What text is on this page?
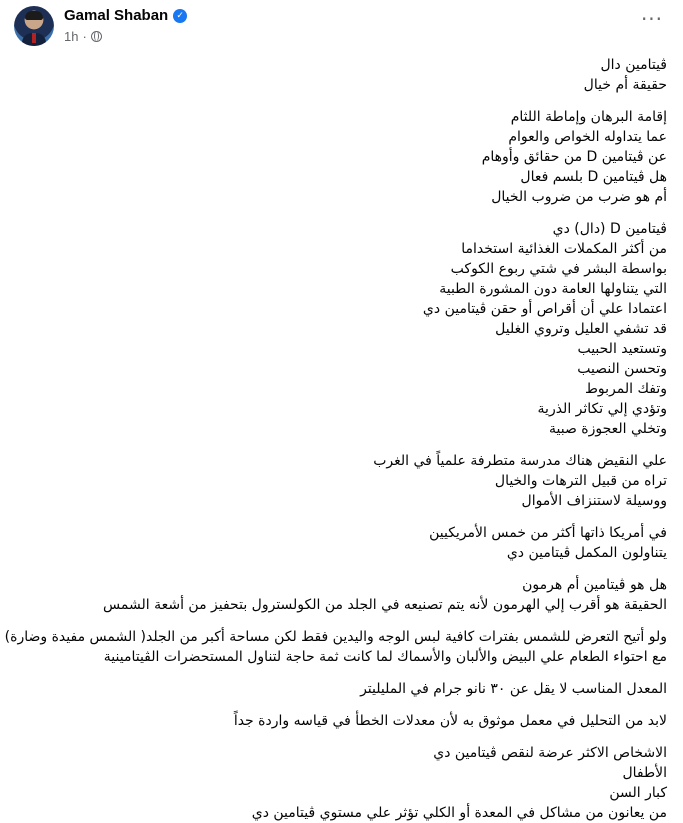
Gamal Shaban ✓
1h ·
···
ڤيتامين دال
حقيقة أم خيال
إقامة البرهان وإماطة اللثام
عما يتداوله الخواص والعوام
عن ڤيتامين D من حقائق وأوهام
هل ڤيتامين D بلسم فعال
أم هو ضرب من ضروب الخيال
ڤيتامين D (دال) دي
من أكثر المكملات الغذائية استخداما
بواسطة البشر في شتي ربوع الكوكب
التي يتناولها العامة دون المشورة الطبية
اعتمادا علي أن أقراص أو حقن ڤيتامين دي
قد تشفي العليل وتروي الغليل
وتستعيد الحبيب
وتحسن النصيب
وتفك المربوط
وتؤدي إلي تكاثر الذرية
وتخلي العجوزة صبية
علي النقيض هناك مدرسة متطرفة علمياً في الغرب
تراه من قبيل الترهات والخيال
ووسيلة لاستنزاف الأموال
في أمريكا ذاتها أكثر من خمس الأمريكيين
يتناولون المكمل ڤيتامين دي
هل هو ڤيتامين أم هرمون
الحقيقة هو أقرب إلي الهرمون لأنه يتم تصنيعه في الجلد من الكولسترول بتحفيز من أشعة الشمس
ولو أتيح التعرض للشمس بفترات كافية لبس الوجه واليدين فقط لكن مساحة أكبر من الجلد( الشمس مفيدة وضارة)
مع احتواء الطعام علي البيض والألبان والأسماك لما كانت ثمة حاجة لتناول المستحضرات الڤيتامينية
المعدل المناسب لا يقل عن ٣٠ نانو جرام في المليليتر
لابد من التحليل في معمل موثوق به لأن معدلات الخطأ في قياسه واردة جداً
الاشخاص الاكثر عرضة لنقص ڤيتامين دي
الأطفال
كبار السن
من يعانون من مشاكل في المعدة أو الكلي تؤثر علي مستوي ڤيتامين دي
